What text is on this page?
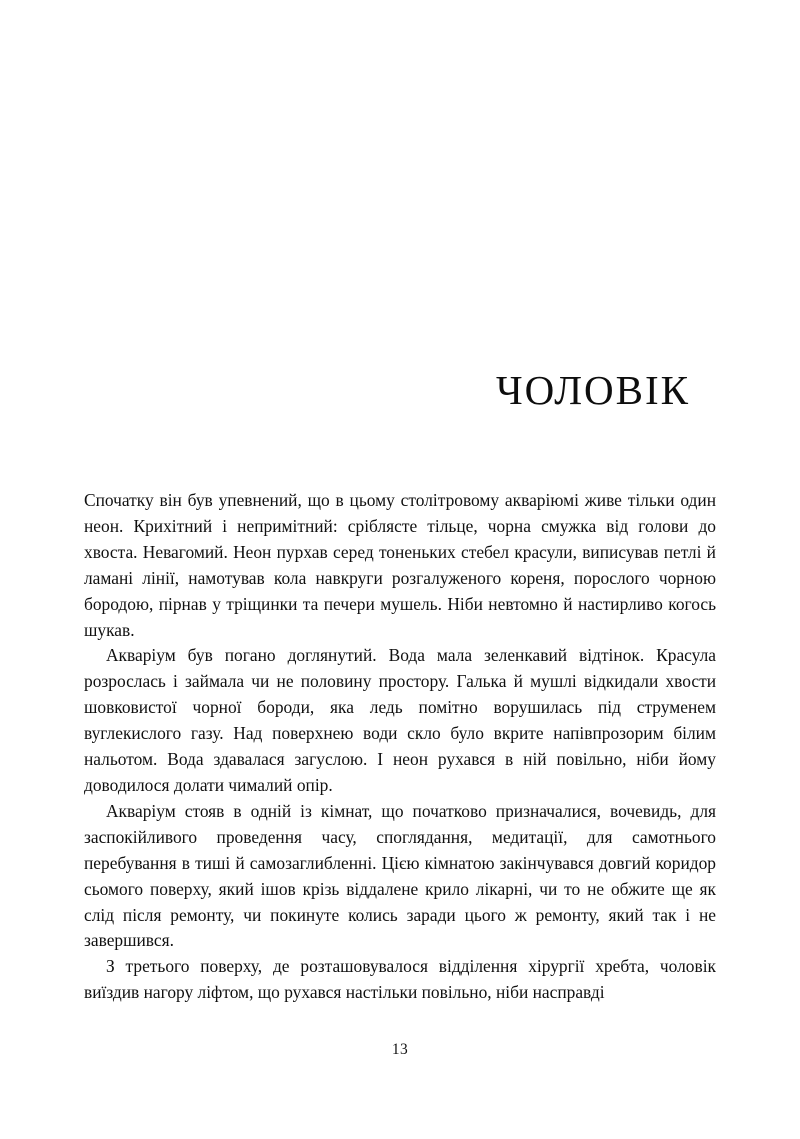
ЧОЛОВІК

Спочатку він був упевнений, що в цьому столітровому акваріюмі живе тільки один неон. Крихітний і непримітний: сріблясте тільце, чорна смужка від голови до хвоста. Невагомий. Неон пурхав серед тоненьких стебел красули, виписував петлі й ламані лінії, намотував кола навкруги розгалуженого кореня, пороcлого чорною бородою, пірнав у тріщинки та печери мушель. Ніби невтомно й настирливо когось шукав.

Акваріум був погано доглянутий. Вода мала зеленкавий відтінок. Красула розрослась і займала чи не половину простору. Галька й мушлі відкидали хвости шовковистої чорної бороди, яка ледь помітно ворушилась під струменем вуглекислого газу. Над поверхнею води скло було вкрите напівпрозорим білим нальотом. Вода здавалася загуслою. І неон рухався в ній повільно, ніби йому доводилося долати чималий опір.

Акваріум стояв в одній із кімнат, що початково призначалися, вочевидь, для заспокійливого проведення часу, споглядання, медитації, для самотнього перебування в тиші й самозаглибленні. Цією кімнатою закінчувався довгий коридор сьомого поверху, який ішов крізь віддалене крило лікарні, чи то не обжите ще як слід після ремонту, чи покинуте колись заради цього ж ремонту, який так і не завершився.

З третього поверху, де розташовувалося відділення хірургії хребта, чоловік виїздив нагору ліфтом, що рухався настільки повільно, ніби насправді

13
